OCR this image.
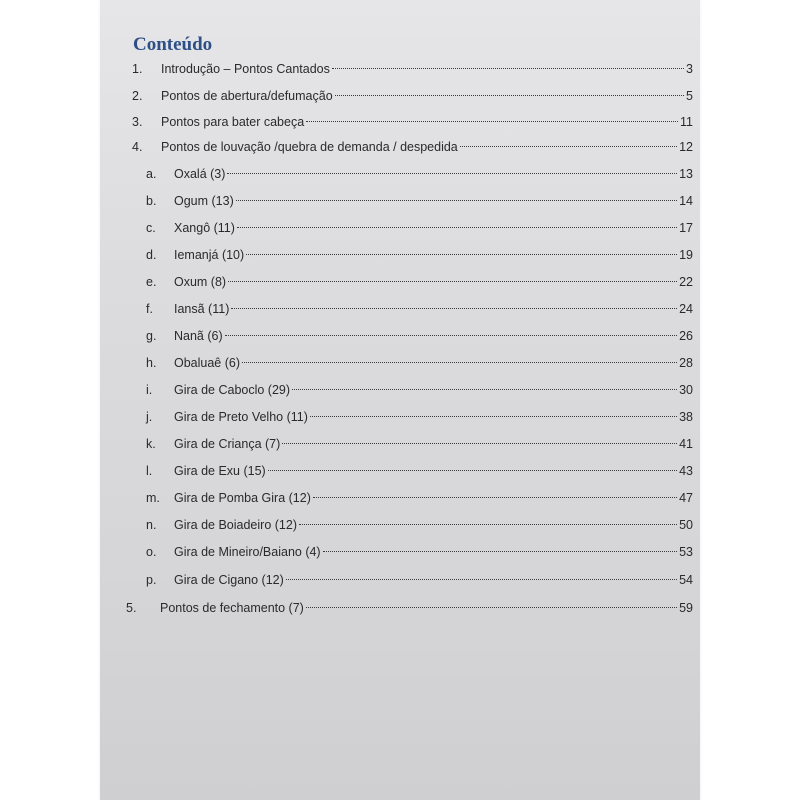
Conteúdo
1. Introdução – Pontos Cantados	3
2. Pontos de abertura/defumação	5
3. Pontos para bater cabeça	11
4. Pontos de louvação /quebra de demanda / despedida	12
a. Oxalá (3)	13
b. Ogum (13)	14
c. Xangô (11)	17
d. Iemanjá (10)	19
e. Oxum (8)	22
f. Iansã (11)	24
g. Nanã (6)	26
h. Obaluaê (6)	28
i. Gira de Caboclo (29)	30
j. Gira de Preto Velho (11)	38
k. Gira de Criança (7)	41
l. Gira de Exu (15)	43
m. Gira de Pomba Gira (12)	47
n. Gira de Boiadeiro (12)	50
o. Gira de Mineiro/Baiano (4)	53
p. Gira de Cigano (12)	54
5. Pontos de fechamento (7)	59
